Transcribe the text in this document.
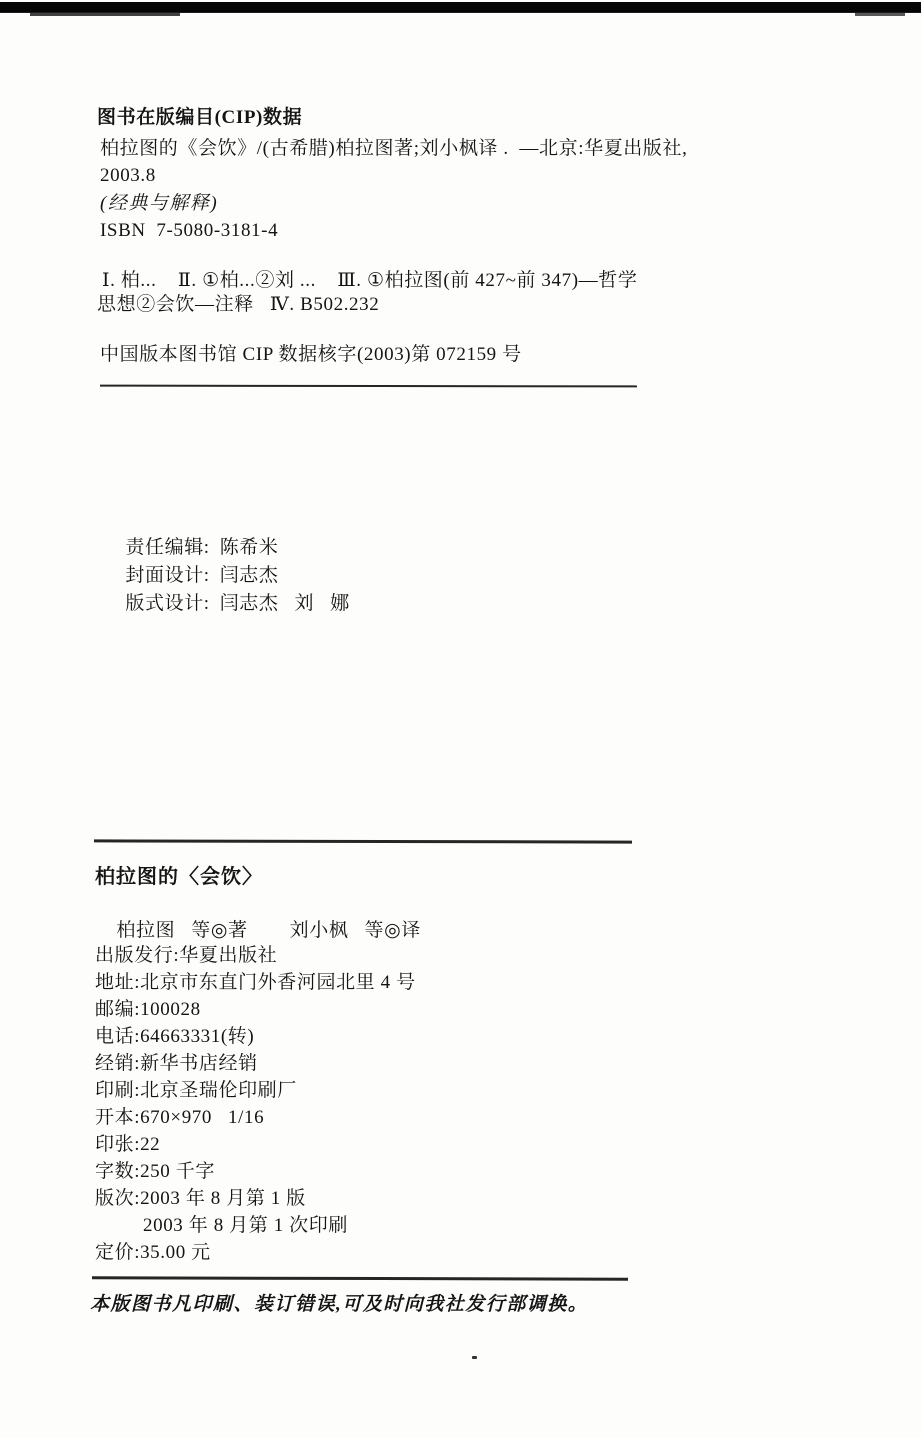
图书在版编目(CIP)数据
柏拉图的《会饮》/(古希腊)柏拉图著;刘小枫译 .  —北京:华夏出版社,
2003.8
(经典与解释)
ISBN  7-5080-3181-4
Ⅰ. 柏...    Ⅱ. ①柏...②刘 ...    Ⅲ. ①柏拉图(前 427~前 347)—哲学
思想②会饮—注释   Ⅳ. B502.232
中国版本图书馆 CIP 数据核字(2003)第 072159 号

责任编辑: 陈希米

封面设计: 闫志杰

版式设计: 闫志杰   刘   娜

柏拉图的〈会饮〉

柏拉图   等◎著 刘小枫   等◎译

出版发行:华夏出版社
地址:北京市东直门外香河园北里 4 号
邮编:100028
电话:64663331(转)
经销:新华书店经销
印刷:北京圣瑞伦印刷厂
开本:670×970   1/16
印张:22
字数:250 千字
版次:2003 年 8 月第 1 版
2003 年 8 月第 1 次印刷
定价:35.00 元
本版图书凡印刷、装订错误,可及时向我社发行部调换。
